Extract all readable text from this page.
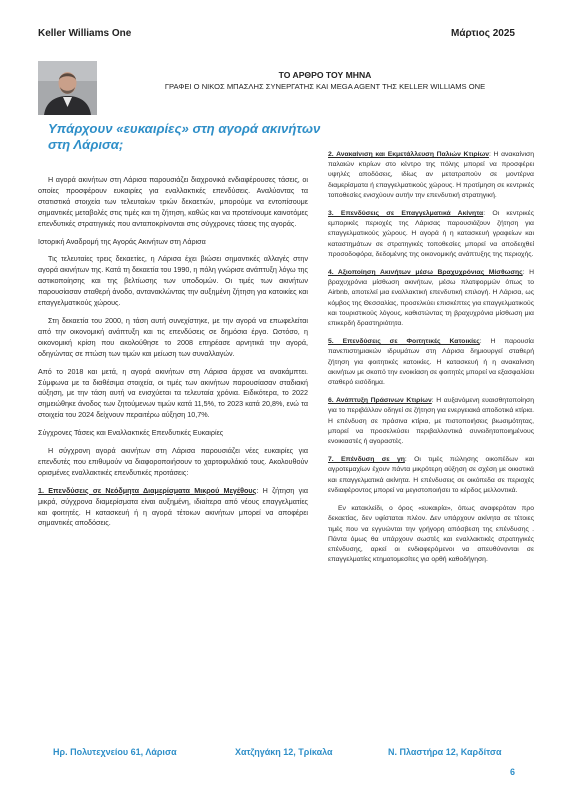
Keller Williams One	Μάρτιος 2025
ΤΟ ΑΡΘΡΟ ΤΟΥ ΜΗΝΑ
ΓΡΑΦΕΙ Ο ΝΙΚΟΣ ΜΠΑΣΛΗΣ ΣΥΝΕΡΓΑΤΗΣ ΚΑΙ MEGA AGENT ΤΗΣ KELLER WILLIAMS ONE
Υπάρχουν «ευκαιρίες» στη αγορά ακινήτων στη Λάρισα;

Η αγορά ακινήτων στη Λάρισα παρουσιάζει διαχρονικά ενδιαφέρουσες τάσεις, οι οποίες προσφέρουν ευκαιρίες για εναλλακτικές επενδύσεις. Αναλύοντας τα στατιστικά στοιχεία των τελευταίων τριών δεκαετιών, μπορούμε να εντοπίσουμε σημαντικές μεταβολές στις τιμές και τη ζήτηση, καθώς και να προτείνουμε καινοτόμες επενδυτικές στρατηγικές που ανταποκρίνονται στις σύγχρονες τάσεις της αγοράς.

Ιστορική Αναδρομή της Αγοράς Ακινήτων στη Λάρισα

Τις τελευταίες τρεις δεκαετίες, η Λάρισα έχει βιώσει σημαντικές αλλαγές στην αγορά ακινήτων της. Κατά τη δεκαετία του 1990, η πόλη γνώρισε ανάπτυξη λόγω της αστικοποίησης και της βελτίωσης των υποδομών. Οι τιμές των ακινήτων παρουσίασαν σταθερή άνοδο, αντανακλώντας την αυξημένη ζήτηση για κατοικίες και επαγγελματικούς χώρους.

Στη δεκαετία του 2000, η τάση αυτή συνεχίστηκε, με την αγορά να επωφελείται από την οικονομική ανάπτυξη και τις επενδύσεις σε δημόσια έργα. Ωστόσο, η οικονομική κρίση που ακολούθησε το 2008 επηρέασε αρνητικά την αγορά, οδηγώντας σε πτώση των τιμών και μείωση των συναλλαγών.

Από το 2018 και μετά, η αγορά ακινήτων στη Λάρισα άρχισε να ανακάμπτει. Σύμφωνα με τα διαθέσιμα στοιχεία, οι τιμές των ακινήτων παρουσίασαν σταδιακή αύξηση, με την τάση αυτή να ενισχύεται τα τελευταία χρόνια. Ειδικότερα, το 2022 σημειώθηκε άνοδος των ζητούμενων τιμών κατά 11,5%, το 2023 κατά 20,8%, ενώ τα στοιχεία του 2024 δείχνουν περαιτέρω αύξηση 10,7%.

Σύγχρονες Τάσεις και Εναλλακτικές Επενδυτικές Ευκαιρίες

Η σύγχρονη αγορά ακινήτων στη Λάρισα παρουσιάζει νέες ευκαιρίες για επενδυτές που επιθυμούν να διαφοροποιήσουν το χαρτοφυλάκιό τους. Ακολουθούν ορισμένες εναλλακτικές επενδυτικές προτάσεις:

1. Επενδύσεις σε Νεόδμητα Διαμερίσματα Μικρού Μεγέθους: Η ζήτηση για μικρά, σύγχρονα διαμερίσματα είναι αυξημένη, ιδιαίτερα από νέους επαγγελματίες και φοιτητές. Η κατασκευή ή η αγορά τέτοιων ακινήτων μπορεί να αποφέρει σημαντικές αποδόσεις.
2. Ανακαίνιση και Εκμετάλλευση Παλιών Κτιρίων: Η ανακαίνιση παλαιών κτιρίων στο κέντρο της πόλης μπορεί να προσφέρει υψηλές αποδόσεις, ιδίως αν μετατραπούν σε μοντέρνα διαμερίσματα ή επαγγελματικούς χώρους. Η προτίμηση σε κεντρικές τοποθεσίες ενισχύουν αυτήν την επενδυτική στρατηγική.
3. Επενδύσεις σε Επαγγελματικά Ακίνητα: Οι κεντρικές εμπορικές περιοχές της Λάρισας παρουσιάζουν ζήτηση για επαγγελματικούς χώρους. Η αγορά ή η κατασκευή γραφείων και καταστημάτων σε στρατηγικές τοποθεσίες μπορεί να αποδειχθεί προσοδοφόρα, δεδομένης της οικονομικής ανάπτυξης της περιοχής.
4. Αξιοποίηση Ακινήτων μέσω Βραχυχρόνιας Μίσθωσης: Η βραχυχρόνια μίσθωση ακινήτων, μέσω πλατφορμών όπως το Airbnb, αποτελεί μια εναλλακτική επενδυτική επιλογή. Η Λάρισα, ως κόμβος της Θεσσαλίας, προσελκύει επισκέπτες για επαγγελματικούς και τουριστικούς λόγους, καθιστώντας τη βραχυχρόνια μίσθωση μια επικερδή δραστηριότητα.
5. Επενδύσεις σε Φοιτητικές Κατοικίες: Η παρουσία πανεπιστημιακών ιδρυμάτων στη Λάρισα δημιουργεί σταθερή ζήτηση για φοιτητικές κατοικίες. Η κατασκευή ή η ανακαίνιση ακινήτων με σκοπό την ενοικίαση σε φοιτητές μπορεί να εξασφαλίσει σταθερό εισόδημα.
6. Ανάπτυξη Πράσινων Κτιρίων: Η αυξανόμενη ευαισθητοποίηση για το περιβάλλον οδηγεί σε ζήτηση για ενεργειακά αποδοτικά κτίρια. Η επένδυση σε πράσινα κτίρια, με πιστοποιήσεις βιωσιμότητας, μπορεί να προσελκύσει περιβαλλοντικά συνειδητοποιημένους ενοικιαστές ή αγοραστές.
7. Επένδυση σε γη: Οι τιμές πώλησης οικοπέδων και αγροτεμαχίων έχουν πάντα μικρότερη αύξηση σε σχέση με οικιστικά και επαγγελματικά ακίνητα. Η επένδυσεις σε οικόπεδα σε περιοχές ενδιαφέροντος μπορεί να μεγιστοποιήσει το κέρδος μελλοντικά.

Εν κατακλείδι, ο όρος «ευκαιρία», όπως αναφερόταν προ δεκαετίας, δεν υφίσταται πλέον. Δεν υπάρχουν ακίνητα σε τέτοιες τιμές που να εγγυώνται την γρήγορη απόσβεση της επένδυσης . Πάντα όμως θα υπάρχουν σωστές και εναλλακτικές στρατηγικές επένδυσης, αρκεί οι ενδιαφερόμενοι να απευθύνονται σε επαγγελματίες κτηματομεσίτες για ορθή καθοδήγηση.

Ηρ. Πολυτεχνείου 61, Λάρισα	Χατζηγάκη 12, Τρίκαλα	Ν. Πλαστήρα 12, Καρδίτσα
6
